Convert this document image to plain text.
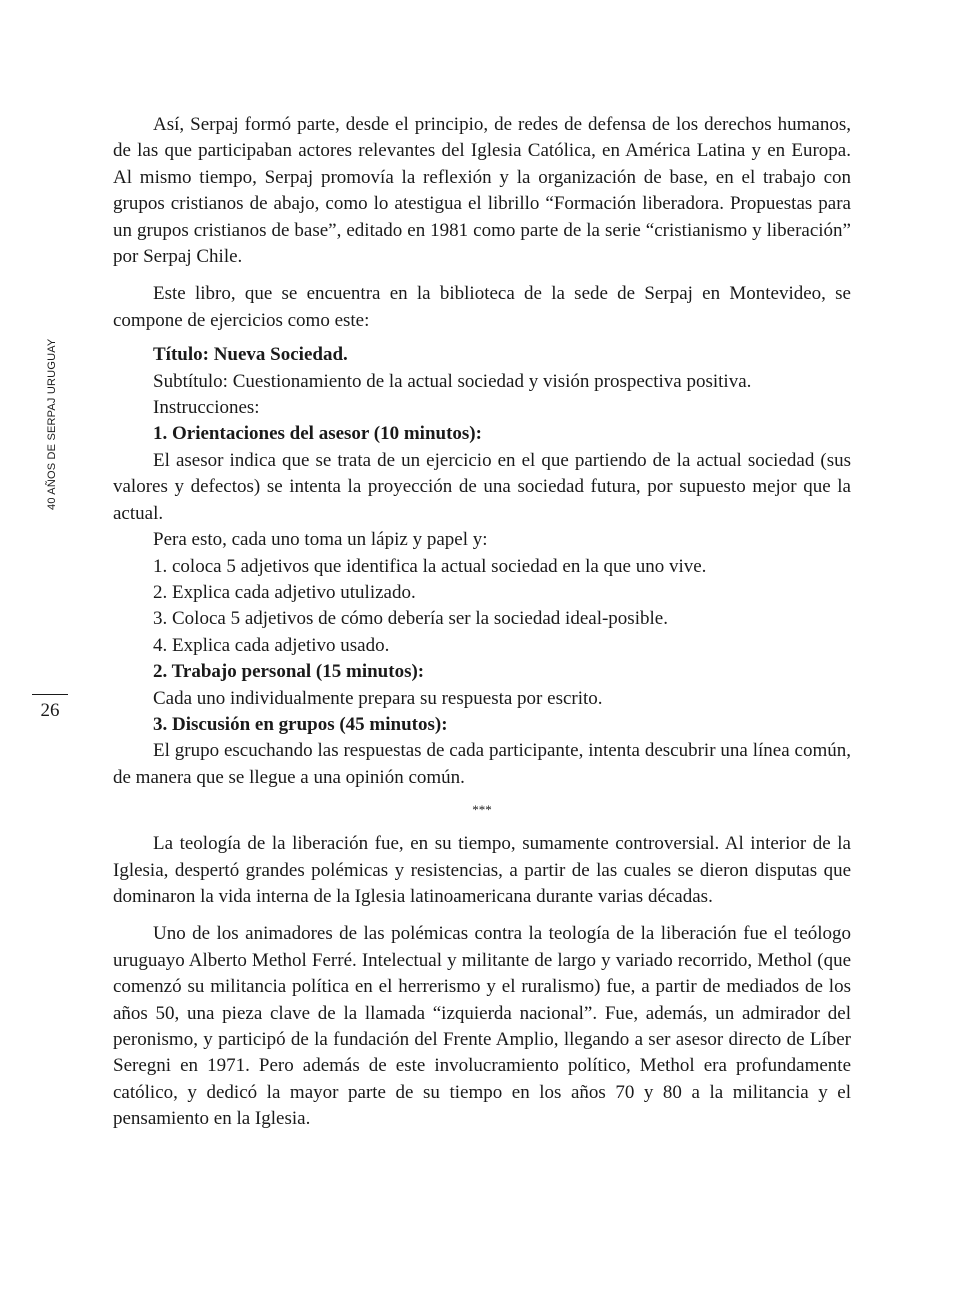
40 AÑOS DE SERPAJ URUGUAY
26

Así, Serpaj formó parte, desde el principio, de redes de defensa de los derechos humanos, de las que participaban actores relevantes del Iglesia Católica, en América Latina y en Europa. Al mismo tiempo, Serpaj promovía la reflexión y la organización de base, en el trabajo con grupos cristianos de abajo, como lo atestigua el librillo “Formación liberadora. Propuestas para un grupos cristianos de base”, editado en 1981 como parte de la serie “cristianismo y liberación” por Serpaj Chile.

Este libro, que se encuentra en la biblioteca de la sede de Serpaj en Montevideo, se compone de ejercicios como este:

Título: Nueva Sociedad.
Subtítulo: Cuestionamiento de la actual sociedad y visión prospectiva positiva.
Instrucciones:
1. Orientaciones del asesor (10 minutos):
El asesor indica que se trata de un ejercicio en el que partiendo de la actual sociedad (sus valores y defectos) se intenta la proyección de una sociedad futura, por supuesto mejor que la actual.
Pera esto, cada uno toma un lápiz y papel y:
1. coloca 5 adjetivos que identifica la actual sociedad en la que uno vive.
2. Explica cada adjetivo utulizado.
3. Coloca 5 adjetivos de cómo debería ser la sociedad ideal-posible.
4. Explica cada adjetivo usado.
2. Trabajo personal (15 minutos):
Cada uno individualmente prepara su respuesta por escrito.
3. Discusión en grupos (45 minutos):
El grupo escuchando las respuestas de cada participante, intenta descubrir una línea común, de manera que se llegue a una opinión común.
***

La teología de la liberación fue, en su tiempo, sumamente controversial. Al interior de la Iglesia, despertó grandes polémicas y resistencias, a partir de las cuales se dieron disputas que dominaron la vida interna de la Iglesia latinoamericana durante varias décadas.

Uno de los animadores de las polémicas contra la teología de la liberación fue el teólogo uruguayo Alberto Methol Ferré. Intelectual y militante de largo y variado recorrido, Methol (que comenzó su militancia política en el herrerismo y el ruralismo) fue, a partir de mediados de los años 50, una pieza clave de la llamada “izquierda nacional”. Fue, además, un admirador del peronismo, y participó de la fundación del Frente Amplio, llegando a ser asesor directo de Líber Seregni en 1971. Pero además de este involucramiento político, Methol era profundamente católico, y dedicó la mayor parte de su tiempo en los años 70 y 80 a la militancia y el pensamiento en la Iglesia.
